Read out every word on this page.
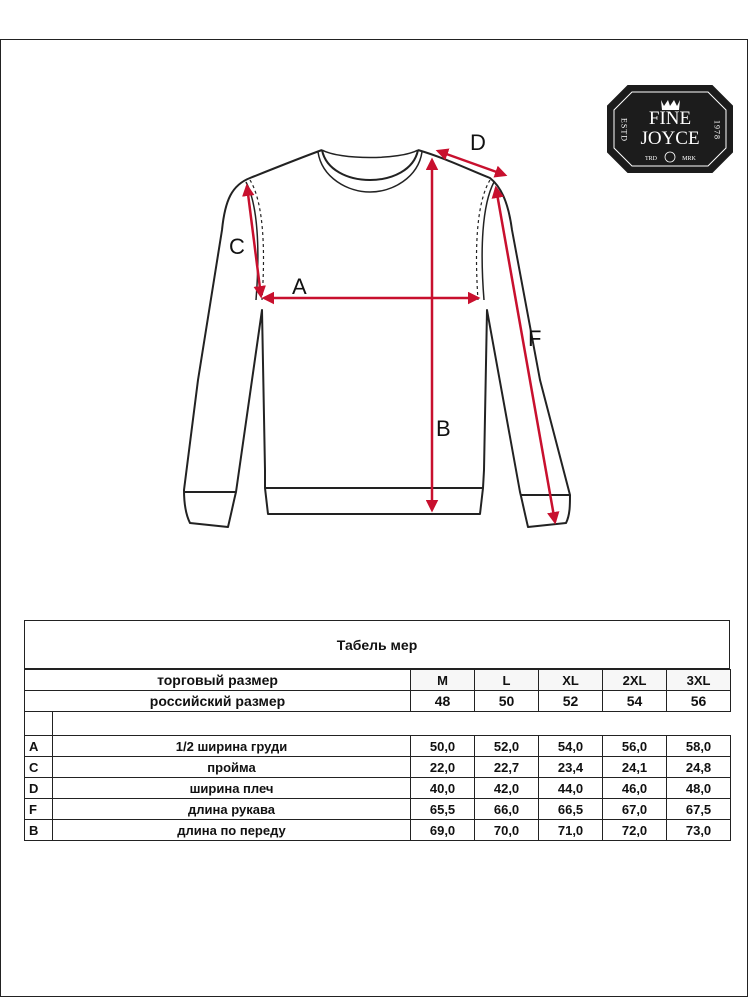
A
B
C
D
F
FINE
JOYCE
ESTD	1978
TRD	MRK
Табель мер
торговый размер		M	L	XL	2XL	3XL
российский размер		48	50	52	54	56

A	1/2 ширина груди	50,0	52,0	54,0	56,0	58,0
C	пройма	22,0	22,7	23,4	24,1	24,8
D	ширина плеч	40,0	42,0	44,0	46,0	48,0
F	длина рукава	65,5	66,0	66,5	67,0	67,5
B	длина по переду	69,0	70,0	71,0	72,0	73,0
